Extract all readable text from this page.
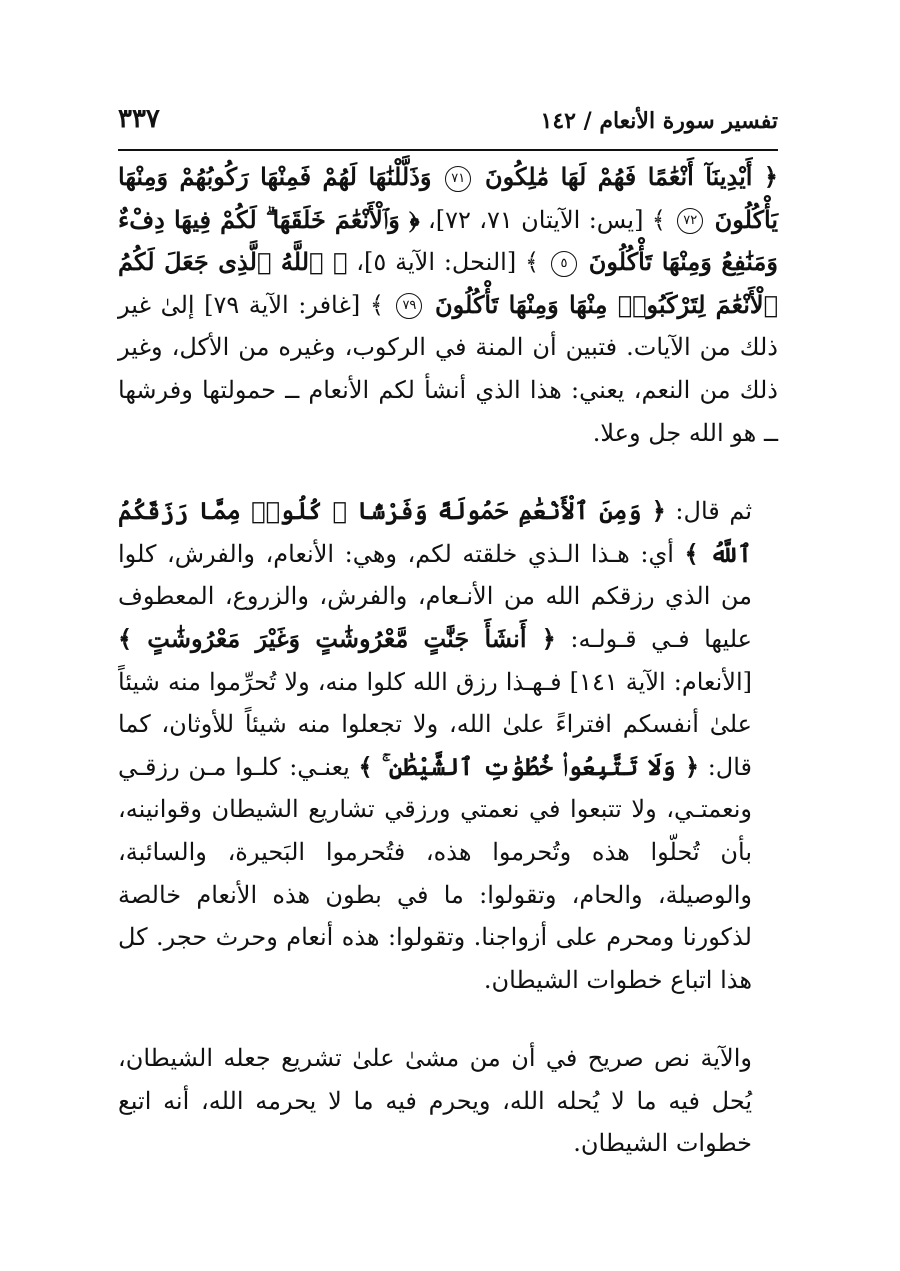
تفسير سورة الأنعام / ١٤٢
٣٣٧

﴿ أَيْدِينَآ أَنْعَٰمًا فَهُمْ لَهَا مَٰلِكُونَ ٧١ وَذَلَّلْنَٰهَا لَهُمْ فَمِنْهَا رَكُوبُهُمْ وَمِنْهَا يَأْكُلُونَ ٧٢ ﴾ [يس: الآيتان ٧١، ٧٢]، ﴿ وَٱلْأَنْعَٰمَ خَلَقَهَا ۗ لَكُمْ فِيهَا دِفْءٌ وَمَنَٰفِعُ وَمِنْهَا تَأْكُلُونَ ٥ ﴾ [النحل: الآية ٥]، ﴿ ٱللَّهُ ٱلَّذِى جَعَلَ لَكُمُ ٱلْأَنْعَٰمَ لِتَرْكَبُوا۟ مِنْهَا وَمِنْهَا تَأْكُلُونَ ٧٩ ﴾ [غافر: الآية ٧٩] إلىٰ غير ذلك من الآيات. فتبين أن المنة في الركوب، وغيره من الأكل، وغير ذلك من النعم، يعني: هذا الذي أنشأ لكم الأنعام ــ حمولتها وفرشها ــ هو الله جل وعلا.

ثم قال: ﴿ وَمِنَ ٱلْأَنْعَٰمِ حَمُولَةً وَفَرْشًا ۚ كُلُوا۟ مِمَّا رَزَقَكُمُ ٱللَّهُ ﴾ أي: هـذا الـذي خلقته لكم، وهي: الأنعام، والفرش، كلوا من الذي رزقكم الله من الأنـعام، والفرش، والزروع، المعطوف عليها فـي قـولـه: ﴿ أَنشَأَ جَنَّٰتٍ مَّعْرُوشَٰتٍ وَغَيْرَ مَعْرُوشَٰتٍ ﴾ [الأنعام: الآية ١٤١] فـهـذا رزق الله كلوا منه، ولا تُحرِّموا منه شيئاً علىٰ أنفسكم افتراءً علىٰ الله، ولا تجعلوا منه شيئاً للأوثان، كما قال: ﴿ وَلَا تَتَّبِعُوا۟ خُطُوَٰتِ ٱلشَّيْطَٰنِ ۚ ﴾ يعنـي: كلـوا مـن رزقـي ونعمتـي، ولا تتبعوا في نعمتي ورزقي تشاريع الشيطان وقوانينه، بأن تُحلّوا هذه وتُحرموا هذه، فتُحرموا البَحيرة، والسائبة، والوصيلة، والحام، وتقولوا: ما في بطون هذه الأنعام خالصة لذكورنا ومحرم على أزواجنا. وتقولوا: هذه أنعام وحرث حجر. كل هذا اتباع خطوات الشيطان.

والآية نص صريح في أن من مشىٰ علىٰ تشريع جعله الشيطان، يُحل فيه ما لا يُحله الله، ويحرم فيه ما لا يحرمه الله، أنه اتبع خطوات الشيطان.
